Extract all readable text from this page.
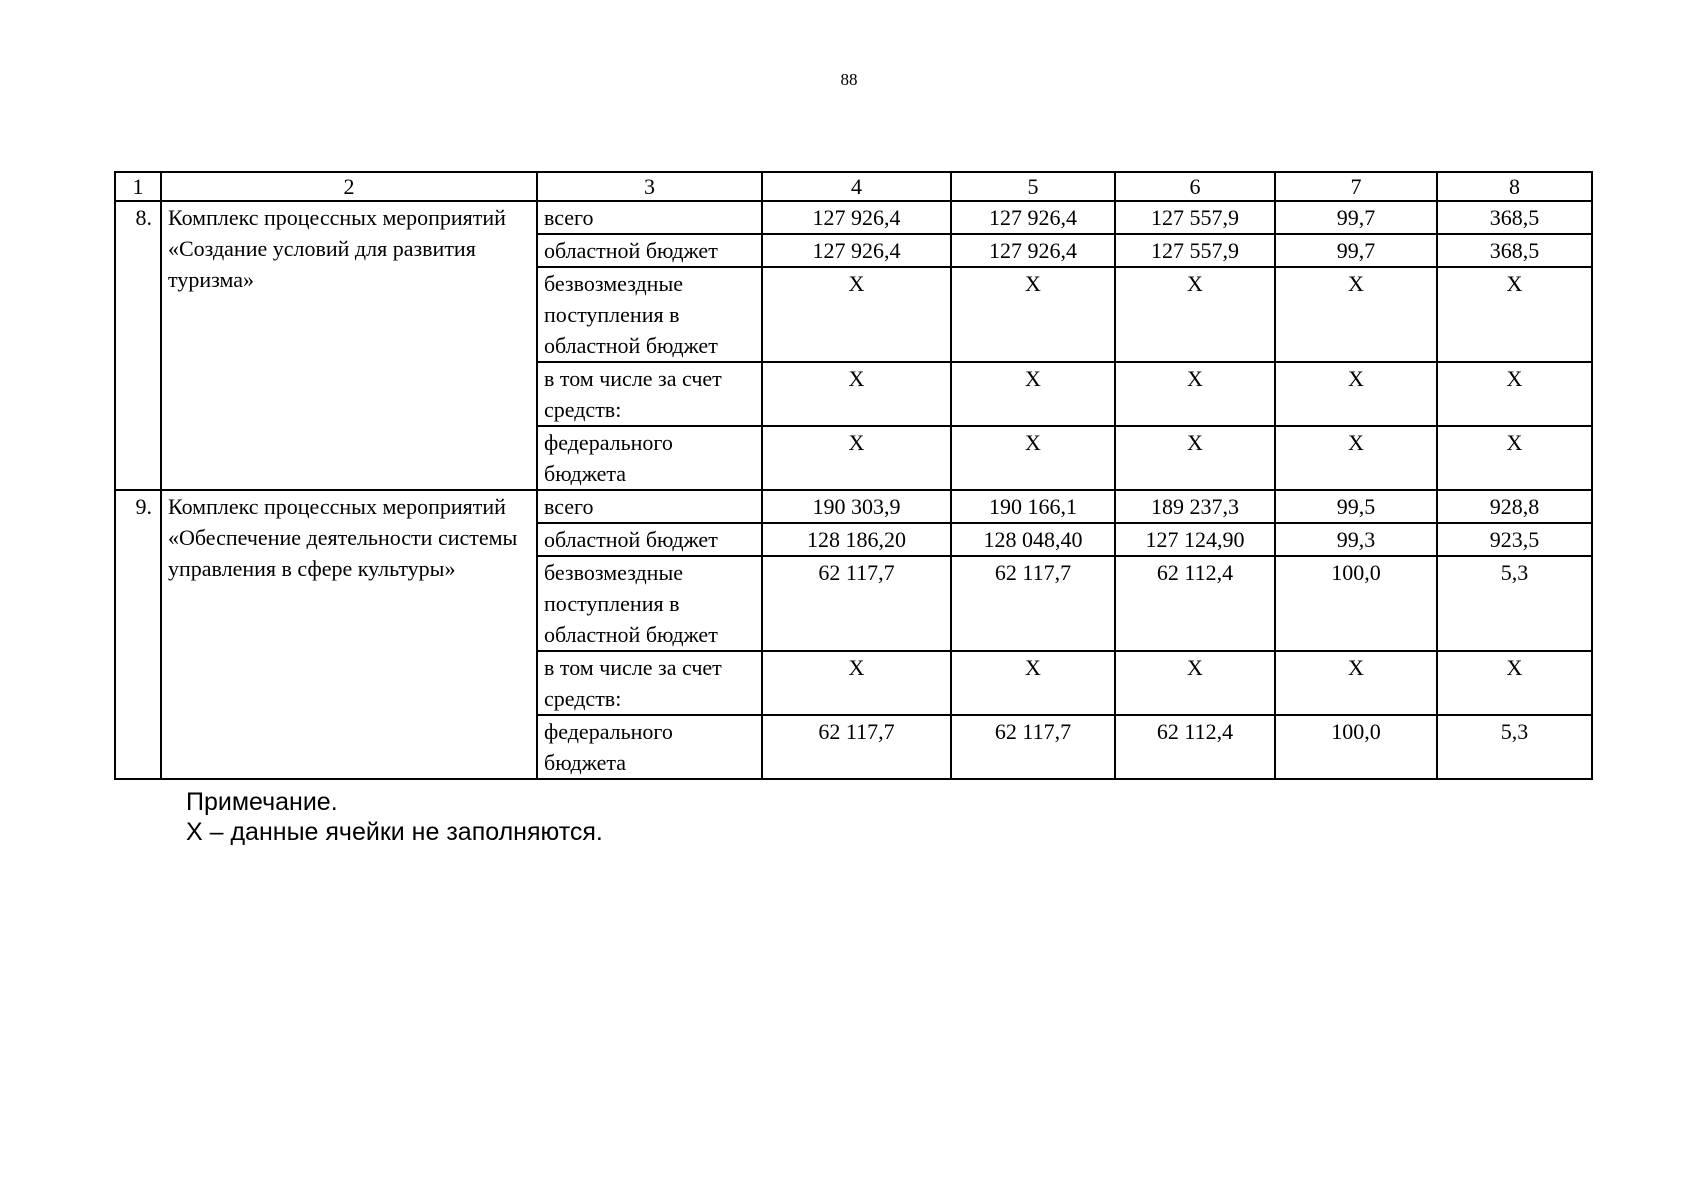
88
1	2	3	4	5	6	7	8
8.	Комплекс процессных мероприятий «Создание условий для развития туризма»	всего	127 926,4	127 926,4	127 557,9	99,7	368,5
		областной бюджет	127 926,4	127 926,4	127 557,9	99,7	368,5
		безвозмездные поступления в областной бюджет	X	X	X	X	X
		в том числе за счет средств:	X	X	X	X	X
		федерального бюджета	X	X	X	X	X
9.	Комплекс процессных мероприятий «Обеспечение деятельности системы управления в сфере культуры»	всего	190 303,9	190 166,1	189 237,3	99,5	928,8
		областной бюджет	128 186,20	128 048,40	127 124,90	99,3	923,5
		безвозмездные поступления в областной бюджет	62 117,7	62 117,7	62 112,4	100,0	5,3
		в том числе за счет средств:	X	X	X	X	X
		федерального бюджета	62 117,7	62 117,7	62 112,4	100,0	5,3
Примечание.
X – данные ячейки не заполняются.
